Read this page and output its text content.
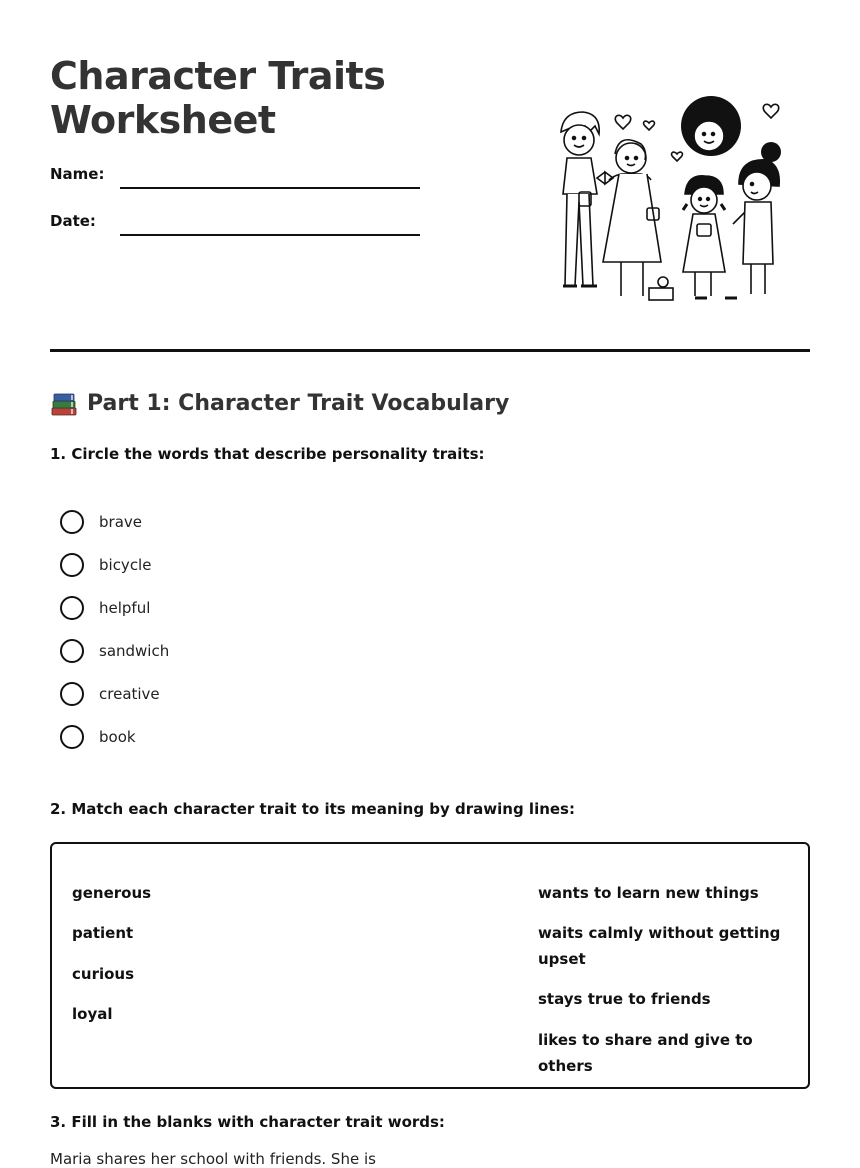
Character Traits
Worksheet
Name:
Date:
Part 1: Character Trait Vocabulary

1. Circle the words that describe personality traits:

brave
bicycle
helpful
sandwich
creative
book

2. Match each character trait to its meaning by drawing lines:

generous
patient
curious
loyal
wants to learn new things
waits calmly without getting upset
stays true to friends
likes to share and give to others

3. Fill in the blanks with character trait words:

Maria shares her school with friends. She is
